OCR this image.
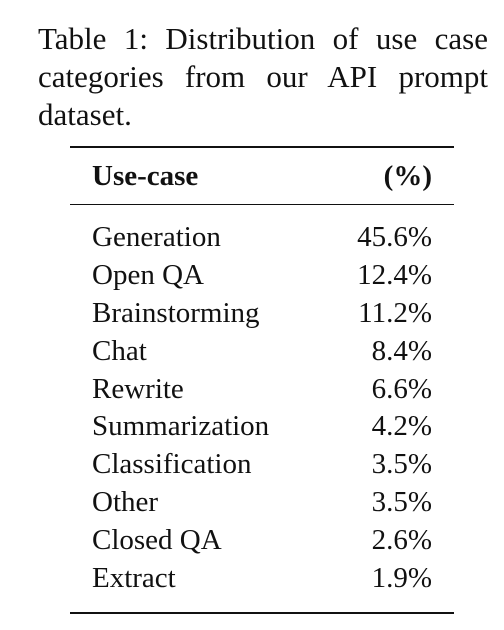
Table 1: Distribution of use case categories from our API prompt dataset.

Use-case	(%)
Generation	45.6%
Open QA	12.4%
Brainstorming	11.2%
Chat	8.4%
Rewrite	6.6%
Summarization	4.2%
Classification	3.5%
Other	3.5%
Closed QA	2.6%
Extract	1.9%
